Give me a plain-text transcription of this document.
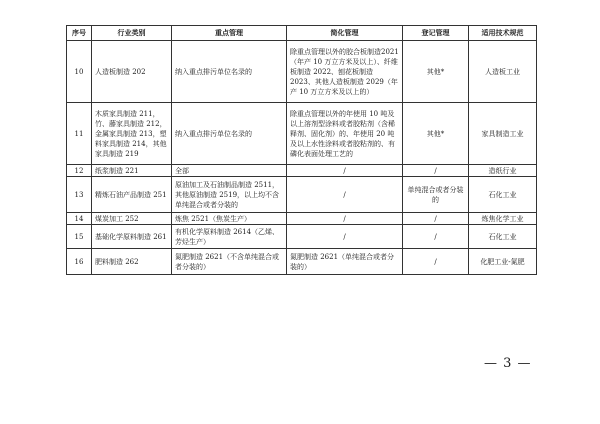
序号	行业类别	重点管理	简化管理	登记管理	适用技术规范
10	人造板制造 202	纳入重点排污单位名录的	除重点管理以外的胶合板制造2021（年产 10 万立方米及以上）、纤维板制造 2022、刨花板制造 2023、其他人造板制造 2029（年产 10 万立方米及以上的）	其他*	人造板工业
11	木质家具制造 211，竹、藤家具制造 212，金属家具制造 213，塑料家具制造 214，其他家具制造 219	纳入重点排污单位名录的	除重点管理以外的年使用 10 吨及以上溶剂型涂料或者胶粘剂（含稀释剂、固化剂）的、年使用 20 吨及以上水性涂料或者胶粘剂的、有磷化表面处理工艺的	其他*	家具制造工业
12	纸浆制造 221	全部	/	/	造纸行业
13	精炼石油产品制造 251	原油加工及石油制品制造 2511，其他原油制造 2519，以上均不含单纯混合或者分装的	/	单纯混合或者分装的	石化工业
14	煤炭加工 252	炼焦 2521（焦炭生产）	/	/	炼焦化学工业
15	基础化学原料制造 261	有机化学原料制造 2614（乙烯、芳烃生产）	/	/	石化工业
16	肥料制造 262	氮肥制造 2621（不含单纯混合或者分装的）	氮肥制造 2621（单纯混合或者分装的）	/	化肥工业-氮肥
— 3 —
